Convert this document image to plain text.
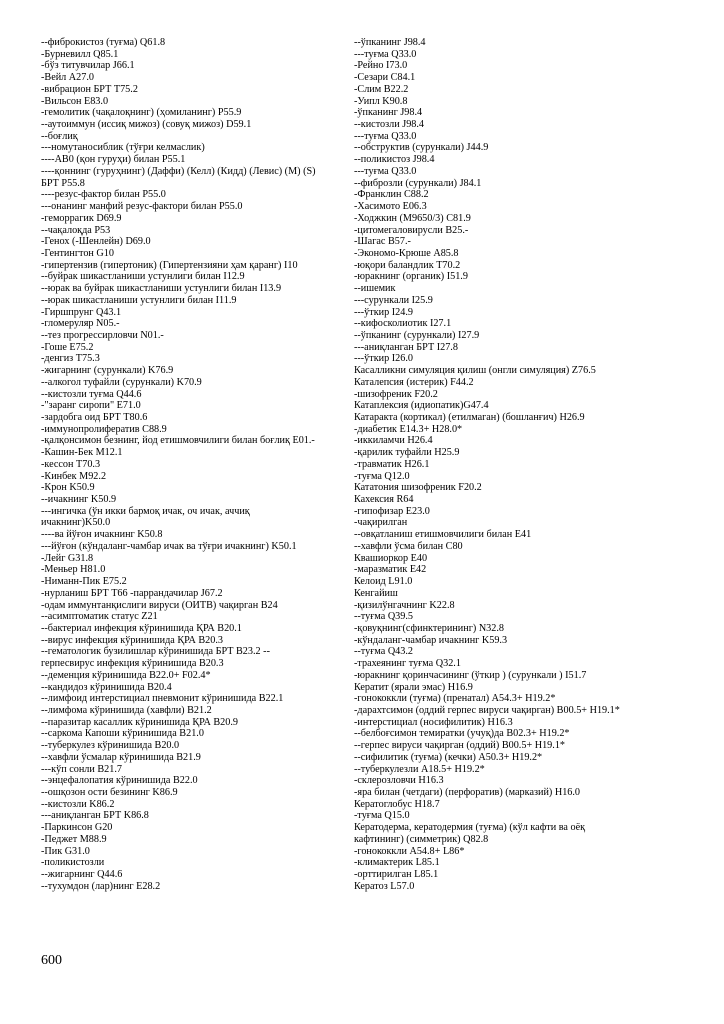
--фиброкистоз (туғма) Q61.8
-Бурневилл Q85.1
-бўз титувчилар J66.1
-Вейл A27.0
-вибрацион БРТ T75.2
-Вильсон E83.0
-гемолитик (чақалоқнинг) (ҳомиланинг) P55.9
--аутоиммун (иссиқ мижоз) (совуқ мижоз) D59.1
--боғлиқ
---номутаносиблик (тўғри келмаслик)
----AB0 (қон гуруҳи) билан P55.1
----қоннинг (гуруҳнинг) (Даффи) (Келл) (Кидд) (Левис) (M) (S)
БРТ P55.8
----резус-фактор билан P55.0
---онанинг манфий резус-фактори билан P55.0
-геморрагик D69.9
--чақалоқда P53
-Генох (-Шенлейн) D69.0
-Гентингтон G10
-гипертензив (гипертоник) (Гипертензияни ҳам қаранг) I10
--буйрак шикастланиши устунлиги билан I12.9
--юрак ва буйрак шикастланиши устунлиги билан I13.9
--юрак шикастланиши устунлиги билан I11.9
-Гиршпрунг Q43.1
-гломеруляр N05.-
--тез прогрессирловчи N01.-
-Гоше E75.2
-денгиз T75.3
-жигарнинг (сурункали) K76.9
--алкогол туфайли (сурункали) K70.9
--кистозли туғма Q44.6
-"заранг сиропи" E71.0
-зардобга оид БРТ T80.6
-иммунопролифератив C88.9
-қалқонсимон безнинг, йод етишмовчилиги билан боғлиқ E01.-
-Кашин-Бек M12.1
-кессон T70.3
-Кинбек M92.2
-Крон K50.9
--ичакнинг K50.9
---ингичка (ўн икки бармоқ ичак, оч ичак, аччиқ
ичакнинг)K50.0
----ва йўғон ичакнинг K50.8
---йўғон (кўндаланг-чамбар ичак ва тўғри ичакнинг) K50.1
-Лейг G31.8
-Меньер H81.0
-Ниманн-Пик E75.2
-нурланиш БРТ T66 -паррандачилар J67.2
-одам иммунтанқислиги вируси (ОИТВ) чақирган B24
--асимптоматик статус Z21
--бактериал инфекция кўринишида ҚРА B20.1
--вирус инфекция кўринишида ҚРА B20.3
--гематологик бузилишлар кўринишида БРТ B23.2 --
герпесвирус инфекция кўринишида B20.3
--деменция кўринишида B22.0+ F02.4*
--кандидоз кўринишида B20.4
--лимфоид интерстициал пневмонит кўринишида B22.1
--лимфома кўринишида (хавфли) B21.2
--паразитар касаллик кўринишида ҚРА B20.9
--саркома Капоши кўринишида B21.0
--туберкулез кўринишида B20.0
--хавфли ўсмалар кўринишида B21.9
---кўп сонли B21.7
--энцефалопатия кўринишида B22.0
--ошқозон ости безининг K86.9
--кистозли K86.2
---аниқланган БРТ K86.8
-Паркинсон G20
-Педжет M88.9
-Пик G31.0
-поликистозли
--жигарнинг Q44.6
--тухумдон (лар)нинг E28.2
--ўпканинг J98.4
---туғма Q33.0
-Рейно I73.0
-Сезари C84.1
-Слим B22.2
-Уипл K90.8
-ўпканинг J98.4
--кистозли J98.4
---туғма Q33.0
--обструктив (сурункали) J44.9
--поликистоз J98.4
---туғма Q33.0
--фиброзли (сурункали) J84.1
-Франклин C88.2
-Хасимото E06.3
-Ходжкин (M9650/3) C81.9
-цитомегаловирусли B25.-
-Шагас B57.-
-Экономо-Крюше A85.8
-юқори баландлик T70.2
-юракнинг (органик) I51.9
--ишемик
---сурункали I25.9
---ўткир I24.9
--кифосколиотик I27.1
--ўпканинг (сурункали) I27.9
---аниқланган БРТ I27.8
---ўткир I26.0
Касалликни симуляция қилиш (онгли симуляция) Z76.5
Каталепсия (истерик) F44.2
-шизофреник F20.2
Катаплексия (идиопатик)G47.4
Катаракта (кортикал) (етилмаган) (бошланғич) H26.9
-диабетик E14.3+ H28.0*
-иккиламчи H26.4
-қарилик туфайли H25.9
-травматик H26.1
-туғма Q12.0
Кататония шизофреник F20.2
Кахексия R64
-гипофизар E23.0
-чақирилган
--овқатланиш етишмовчилиги билан E41
--хавфли ўсма билан C80
Квашиоркор E40
-маразматик E42
Келоид L91.0
Кенгайиш
-қизилўнгачнинг K22.8
--туғма Q39.5
-қовуқнинг(сфинктерининг) N32.8
-кўндаланг-чамбар ичакнинг K59.3
--туғма Q43.2
-трахеянинг туғма Q32.1
-юракнинг қоринчасининг (ўткир ) (сурункали ) I51.7
Кератит (ярали эмас) H16.9
-гонококкли (туғма) (пренатал) A54.3+ H19.2*
-дарахтсимон (оддий герпес вируси чақирган) B00.5+ H19.1*
-интерстициал (носифилитик) H16.3
--белбоғсимон темиратки (учуқ)да B02.3+ H19.2*
--герпес вируси чақирган (оддий) B00.5+ H19.1*
--сифилитик (туғма) (кечки) A50.3+ H19.2*
--туберкулезли A18.5+ H19.2*
-склерозловчи H16.3
-яра билан (четдаги) (перфоратив) (марказий) H16.0
Кератоглобус H18.7
-туғма Q15.0
Кератодерма, кератодермия (туғма) (кўл кафти ва оёқ
кафтининг) (симметрик) Q82.8
-гонококкли A54.8+ L86*
-климактерик L85.1
-орттирилган L85.1
Кератоз L57.0
600
